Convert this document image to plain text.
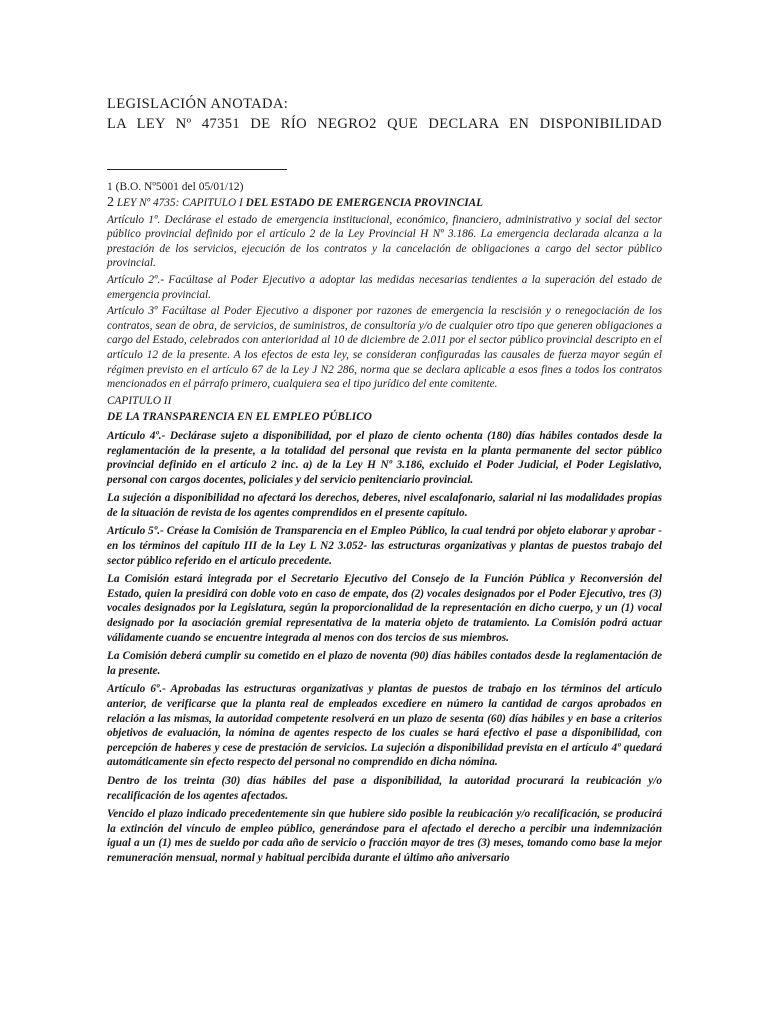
LEGISLACIÓN ANOTADA:
LA LEY Nº 47351 DE RÍO NEGRO2 QUE DECLARA EN DISPONIBILIDAD
1 (B.O. Nº5001 del 05/01/12)

2 LEY Nº 4735: CAPITULO I DEL ESTADO DE EMERGENCIA PROVINCIAL

Artículo 1º. Declárase el estado de emergencia institucional, económico, financiero, administrativo y social del sector público provincial definido por el artículo 2 de la Ley Provincial H Nº 3.186. La emergencia declarada alcanza a la prestación de los servicios, ejecución de los contratos y la cancelación de obligaciones a cargo del sector público provincial.

Artículo 2º.- Facúltase al Poder Ejecutivo a adoptar las medidas necesarias tendientes a la superación del estado de emergencia provincial.

Artículo 3º Facúltase al Poder Ejecutivo a disponer por razones de emergencia la rescisión y o renegociación de los contratos, sean de obra, de servicios, de suministros, de consultoría y/o de cualquier otro tipo que generen obligaciones a cargo del Estado, celebrados con anterioridad al 10 de diciembre de 2.011 por el sector público provincial descripto en el artículo 12 de la presente. A los efectos de esta ley, se consideran configuradas las causales de fuerza mayor según el régimen previsto en el artículo 67 de la Ley J N2 286, norma que se declara aplicable a esos fines a todos los contratos mencionados en el párrafo primero, cualquiera sea el tipo jurídico del ente comitente.

CAPITULO II

DE LA TRANSPARENCIA EN EL EMPLEO PÚBLICO

Artículo 4º.- Declárase sujeto a disponibilidad, por el plazo de ciento ochenta (180) días hábiles contados desde la reglamentación de la presente, a la totalidad del personal que revista en la planta permanente del sector público provincial definido en el artículo 2 inc. a) de la Ley H Nº 3.186, excluido el Poder Judicial, el Poder Legislativo, personal con cargos docentes, policiales y del servicio penitenciario provincial.

La sujeción a disponibilidad no afectará los derechos, deberes, nivel escalafonario, salarial ni las modalidades propias de la situación de revista de los agentes comprendidos en el presente capítulo.

Artículo 5º.- Créase la Comisión de Transparencia en el Empleo Público, la cual tendrá por objeto elaborar y aprobar -en los términos del capítulo III de la Ley L N2 3.052- las estructuras organizativas y plantas de puestos trabajo del sector público referido en el artículo precedente.

La Comisión estará integrada por el Secretario Ejecutivo del Consejo de la Función Pública y Reconversión del Estado, quien la presidirá con doble voto en caso de empate, dos (2) vocales designados por el Poder Ejecutivo, tres (3) vocales designados por la Legislatura, según la proporcionalidad de la representación en dicho cuerpo, y un (1) vocal designado por la asociación gremial representativa de la materia objeto de tratamiento. La Comisión podrá actuar válidamente cuando se encuentre integrada al menos con dos tercios de sus miembros.

La Comisión deberá cumplir su cometido en el plazo de noventa (90) días hábiles contados desde la reglamentación de la presente.

Artículo 6º.- Aprobadas las estructuras organizativas y plantas de puestos de trabajo en los términos del artículo anterior, de verificarse que la planta real de empleados excediere en número la cantidad de cargos aprobados en relación a las mismas, la autoridad competente resolverá en un plazo de sesenta (60) días hábiles y en base a criterios objetivos de evaluación, la nómina de agentes respecto de los cuales se hará efectivo el pase a disponibilidad, con percepción de haberes y cese de prestación de servicios. La sujeción a disponibilidad prevista en el artículo 4º quedará automáticamente sin efecto respecto del personal no comprendido en dicha nómina.

Dentro de los treinta (30) días hábiles del pase a disponibilidad, la autoridad procurará la reubicación y/o recalificación de los agentes afectados.

Vencido el plazo indicado precedentemente sin que hubiere sido posible la reubicación y/o recalificación, se producirá la extinción del vínculo de empleo público, generándose para el afectado el derecho a percibir una indemnización igual a un (1) mes de sueldo por cada año de servicio o fracción mayor de tres (3) meses, tomando como base la mejor remuneración mensual, normal y habitual percibida durante el último año aniversario
